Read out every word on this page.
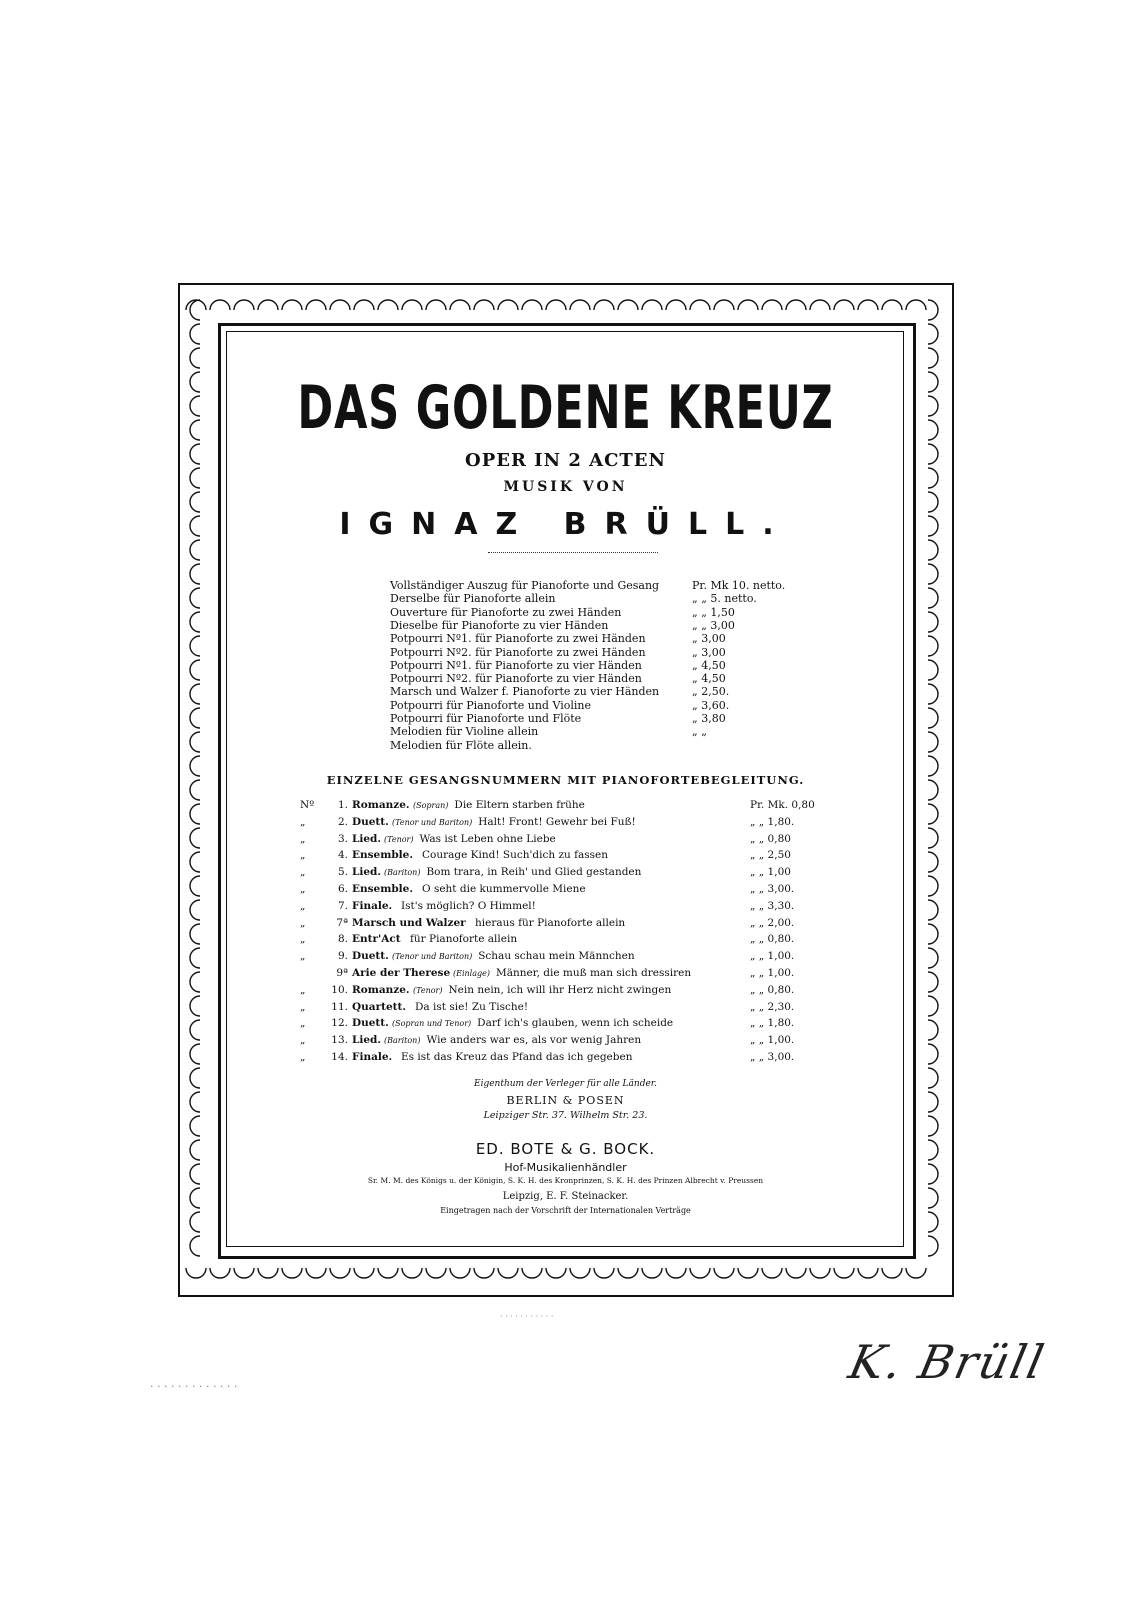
DAS GOLDENE KREUZ
OPER IN 2 ACTEN
MUSIK VON
IGNAZ BRÜLL.
Vollständiger Auszug für Pianoforte und Gesang	Pr. Mk 10. netto.
Derselbe für Pianoforte allein	„ „ 5. netto.
Ouverture für Pianoforte zu zwei Händen	„ „ 1,50
Dieselbe für Pianoforte zu vier Händen	„ „ 3,00
Potpourri Nº1. für Pianoforte zu zwei Händen	„ 3,00
Potpourri Nº2. für Pianoforte zu zwei Händen	„ 3,00
Potpourri Nº1. für Pianoforte zu vier Händen	„ 4,50
Potpourri Nº2. für Pianoforte zu vier Händen	„ 4,50
Marsch und Walzer f. Pianoforte zu vier Händen	„ 2,50.
Potpourri für Pianoforte und Violine	„ 3,60.
Potpourri für Pianoforte und Flöte	„ 3,80
Melodien für Violine allein	„ „
Melodien für Flöte allein.
EINZELNE GESANGSNUMMERN MIT PIANOFORTEBEGLEITUNG.
Nº	1. Romanze. (Sopran) Die Eltern starben frühe	Pr. Mk. 0,80
„	2. Duett. (Tenor und Bariton) Halt! Front! Gewehr bei Fuß!	„ „ 1,80.
„	3. Lied. (Tenor) Was ist Leben ohne Liebe	„ „ 0,80
„	4. Ensemble. Courage Kind! Such'dich zu fassen	„ „ 2,50
„	5. Lied. (Bariton) Bom trara, in Reih' und Glied gestanden	„ „ 1,00
„	6. Ensemble. O seht die kummervolle Miene	„ „ 3,00.
„	7. Finale. Ist's möglich? O Himmel!	„ „ 3,30.
„	7ª Marsch und Walzer hieraus für Pianoforte allein	„ „ 2,00.
„	8. Entr'Act für Pianoforte allein	„ „ 0,80.
„	9. Duett. (Tenor und Bariton) Schau schau mein Männchen	„ „ 1,00.
9ª Arie der Therese (Einlage) Männer, die muß man sich dressiren	„ „ 1,00.
„	10. Romanze. (Tenor) Nein nein, ich will ihr Herz nicht zwingen	„ „ 0,80.
„	11. Quartett. Da ist sie! Zu Tische!	„ „ 2,30.
„	12. Duett. (Sopran und Tenor) Darf ich's glauben, wenn ich scheide	„ „ 1,80.
„	13. Lied. (Bariton) Wie anders war es, als vor wenig Jahren	„ „ 1,00.
„	14. Finale. Es ist das Kreuz das Pfand das ich gegeben	„ „ 3,00.
Eigenthum der Verleger für alle Länder.
BERLIN & POSEN
Leipziger Str. 37. Wilhelm Str. 23.
ED. BOTE & G. BOCK.
Hof-Musikalienhändler
Sr. M. M. des Königs u. der Königin, S. K. H. des Kronprinzen, S. K. H. des Prinzen Albrecht v. Preussen
Leipzig, E. F. Steinacker.
Eingetragen nach der Vorschrift der Internationalen Verträge
· · · · · · · · · · ·
· · · · · · · · · · · · ·	K. Brüll
